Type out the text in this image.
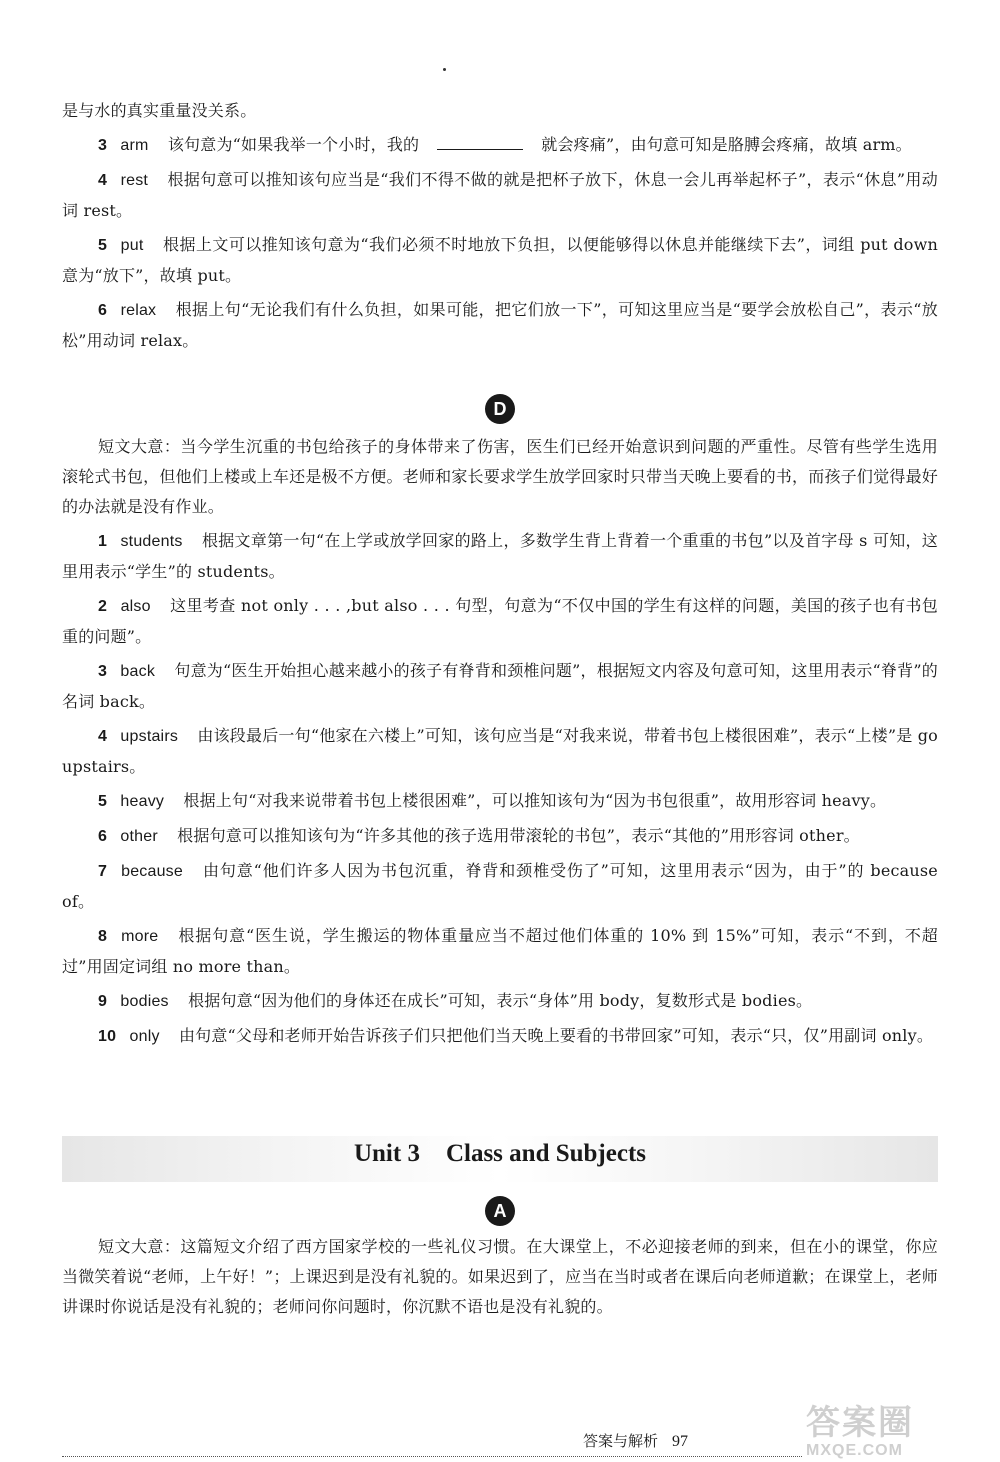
是与水的真实重量没关系。

3 arm 该句意为“如果我举一个小时，我的	就会疼痛”，由句意可知是胳膊会疼痛，故填 arm。

4 rest 根据句意可以推知该句应当是“我们不得不做的就是把杯子放下，休息一会儿再举起杯子”，表示“休息”用动词 rest。

5 put 根据上文可以推知该句意为“我们必须不时地放下负担，以便能够得以休息并能继续下去”，词组 put down 意为“放下”，故填 put。

6 relax 根据上句“无论我们有什么负担，如果可能，把它们放一下”，可知这里应当是“要学会放松自己”，表示“放松”用动词 relax。

D

短文大意：当今学生沉重的书包给孩子的身体带来了伤害，医生们已经开始意识到问题的严重性。尽管有些学生选用滚轮式书包，但他们上楼或上车还是极不方便。老师和家长要求学生放学回家时只带当天晚上要看的书，而孩子们觉得最好的办法就是没有作业。

1 students 根据文章第一句“在上学或放学回家的路上，多数学生背上背着一个重重的书包”以及首字母 s 可知，这里用表示“学生”的 students。

2 also 这里考查 not only . . . ,but also . . . 句型，句意为“不仅中国的学生有这样的问题，美国的孩子也有书包重的问题”。

3 back 句意为“医生开始担心越来越小的孩子有脊背和颈椎问题”，根据短文内容及句意可知，这里用表示“脊背”的名词 back。

4 upstairs 由该段最后一句“他家在六楼上”可知，该句应当是“对我来说，带着书包上楼很困难”，表示“上楼”是 go upstairs。

5 heavy 根据上句“对我来说带着书包上楼很困难”，可以推知该句为“因为书包很重”，故用形容词 heavy。

6 other 根据句意可以推知该句为“许多其他的孩子选用带滚轮的书包”，表示“其他的”用形容词 other。

7 because 由句意“他们许多人因为书包沉重，脊背和颈椎受伤了”可知，这里用表示“因为，由于”的 because of。

8 more 根据句意“医生说，学生搬运的物体重量应当不超过他们体重的 10% 到 15%”可知，表示“不到，不超过”用固定词组 no more than。

9 bodies 根据句意“因为他们的身体还在成长”可知，表示“身体”用 body，复数形式是 bodies。

10 only 由句意“父母和老师开始告诉孩子们只把他们当天晚上要看的书带回家”可知，表示“只，仅”用副词 only。

Unit 3 Class and Subjects
A

短文大意：这篇短文介绍了西方国家学校的一些礼仪习惯。在大课堂上，不必迎接老师的到来，但在小的课堂，你应当微笑着说“老师，上午好！”；上课迟到是没有礼貌的。如果迟到了，应当在当时或者在课后向老师道歉；在课堂上，老师讲课时你说话是没有礼貌的；老师问你问题时，你沉默不语也是没有礼貌的。

答案与解析 97	答案圈
MXQE.COM
